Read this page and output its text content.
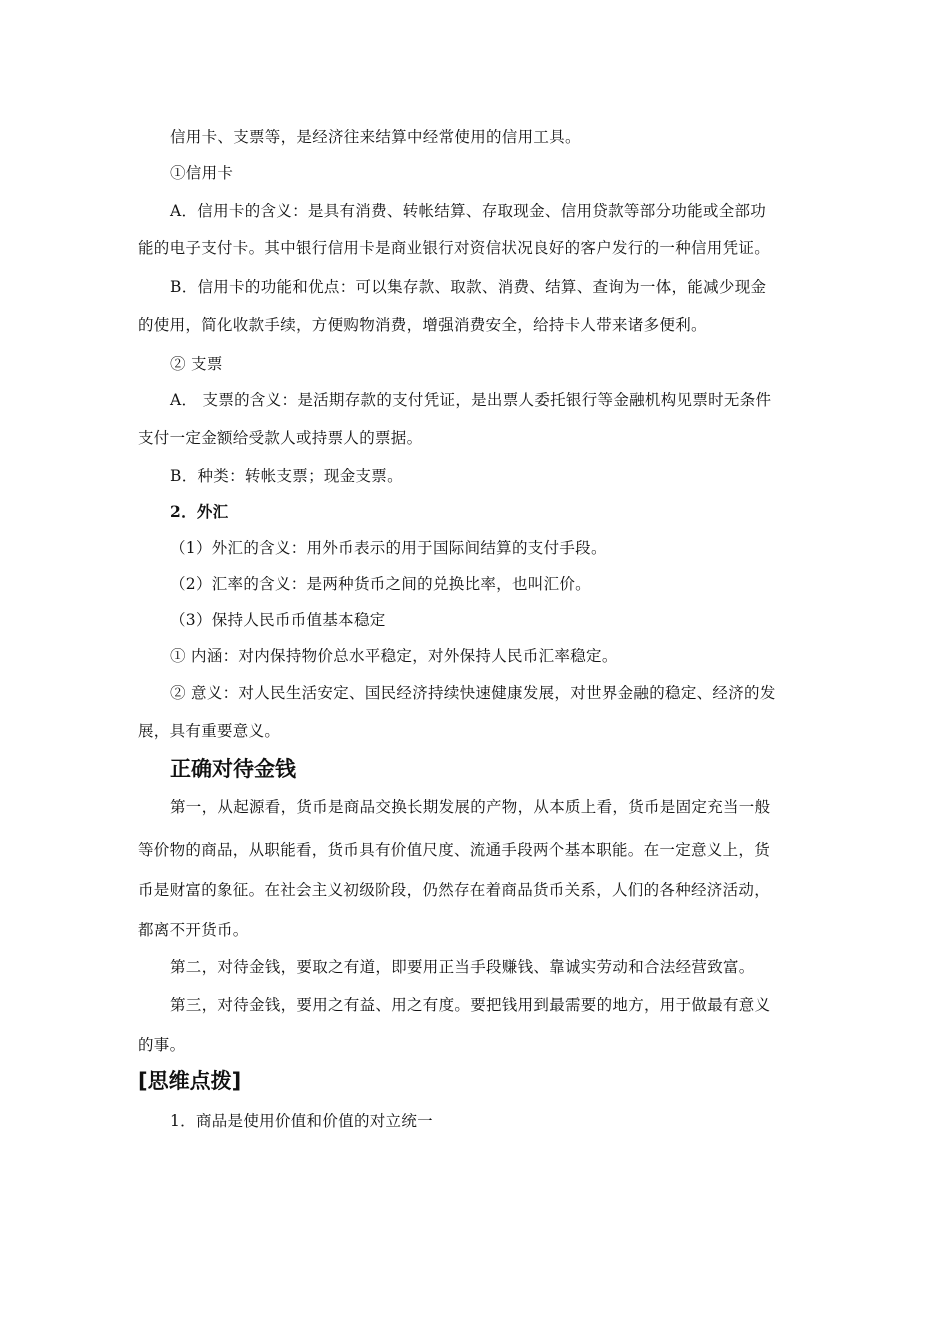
信用卡、支票等，是经济往来结算中经常使用的信用工具。
①信用卡
A．信用卡的含义：是具有消费、转帐结算、存取现金、信用贷款等部分功能或全部功
能的电子支付卡。其中银行信用卡是商业银行对资信状况良好的客户发行的一种信用凭证。
B．信用卡的功能和优点：可以集存款、取款、消费、结算、查询为一体，能减少现金
的使用，简化收款手续，方便购物消费，增强消费安全，给持卡人带来诸多便利。
② 支票
A． 支票的含义：是活期存款的支付凭证，是出票人委托银行等金融机构见票时无条件
支付一定金额给受款人或持票人的票据。
B．种类：转帐支票；现金支票。
2．外汇
（1）外汇的含义：用外币表示的用于国际间结算的支付手段。
（2）汇率的含义：是两种货币之间的兑换比率，也叫汇价。
（3）保持人民币币值基本稳定
① 内涵：对内保持物价总水平稳定，对外保持人民币汇率稳定。
② 意义：对人民生活安定、国民经济持续快速健康发展，对世界金融的稳定、经济的发
展，具有重要意义。
正确对待金钱
第一，从起源看，货币是商品交换长期发展的产物，从本质上看，货币是固定充当一般
等价物的商品，从职能看，货币具有价值尺度、流通手段两个基本职能。在一定意义上，货
币是财富的象征。在社会主义初级阶段，仍然存在着商品货币关系，人们的各种经济活动，
都离不开货币。
第二，对待金钱，要取之有道，即要用正当手段赚钱、靠诚实劳动和合法经营致富。
第三，对待金钱，要用之有益、用之有度。要把钱用到最需要的地方，用于做最有意义
的事。
[思维点拨]
1．商品是使用价值和价值的对立统一
